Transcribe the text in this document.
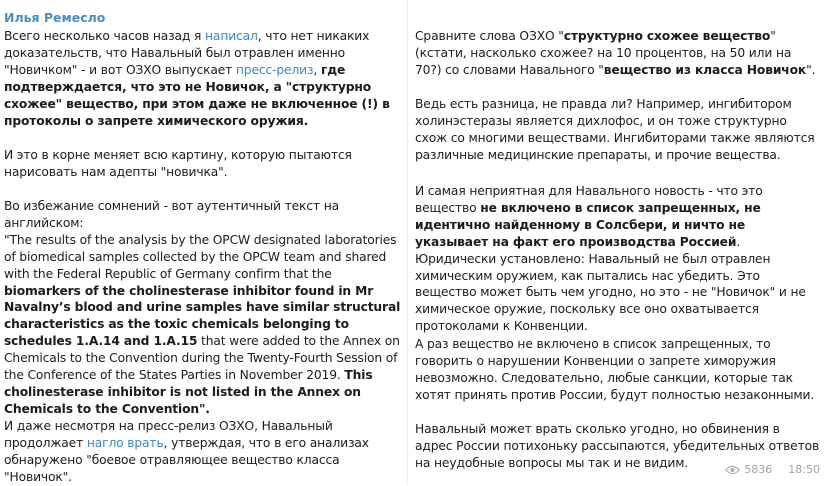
Илья Ремесло
Всего несколько часов назад я написал, что нет никаких доказательств, что Навальный был отравлен именно "Новичком" - и вот ОЗХО выпускает пресс-релиз, где подтверждается, что это не Новичок, а "структурно схожее" вещество, при этом даже не включенное (!) в протоколы о запрете химического оружия.
И это в корне меняет всю картину, которую пытаются нарисовать нам адепты "новичка".
Во избежание сомнений - вот аутентичный текст на английском:
"The results of the analysis by the OPCW designated laboratories of biomedical samples collected by the OPCW team and shared with the Federal Republic of Germany confirm that the biomarkers of the cholinesterase inhibitor found in Mr Navalny’s blood and urine samples have similar structural characteristics as the toxic chemicals belonging to schedules 1.A.14 and 1.A.15 that were added to the Annex on Chemicals to the Convention during the Twenty-Fourth Session of the Conference of the States Parties in November 2019. This cholinesterase inhibitor is not listed in the Annex on Chemicals to the Convention".
И даже несмотря на пресс-релиз ОЗХО, Навальный продолжает нагло врать, утверждая, что в его анализах обнаружено "боевое отравляющее вещество класса "Новичок".
Сравните слова ОЗХО "структурно схожее вещество" (кстати, насколько схожее? на 10 процентов, на 50 или на 70?) со словами Навального "вещество из класса Новичок".
Ведь есть разница, не правда ли? Например, ингибитором холинэстеразы является дихлофос, и он тоже структурно схож со многими веществами. Ингибиторами также являются различные медицинские препараты, и прочие вещества.
И самая неприятная для Навального новость - что это вещество не включено в список запрещенных, не идентично найденному в Солсбери, и ничто не указывает на факт его производства Россией. Юридически установлено: Навальный не был отравлен химическим оружием, как пытались нас убедить. Это вещество может быть чем угодно, но это - не "Новичок" и не химическое оружие, поскольку все оно охватывается протоколами к Конвенции.
А раз вещество не включено в список запрещенных, то говорить о нарушении Конвенции о запрете химоружия невозможно. Следовательно, любые санкции, которые так хотят принять против России, будут полностью незаконными.
Навальный может врать сколько угодно, но обвинения в адрес России потихоньку рассыпаются, убедительных ответов на неудобные вопросы мы так и не видим.	5836 18:50
